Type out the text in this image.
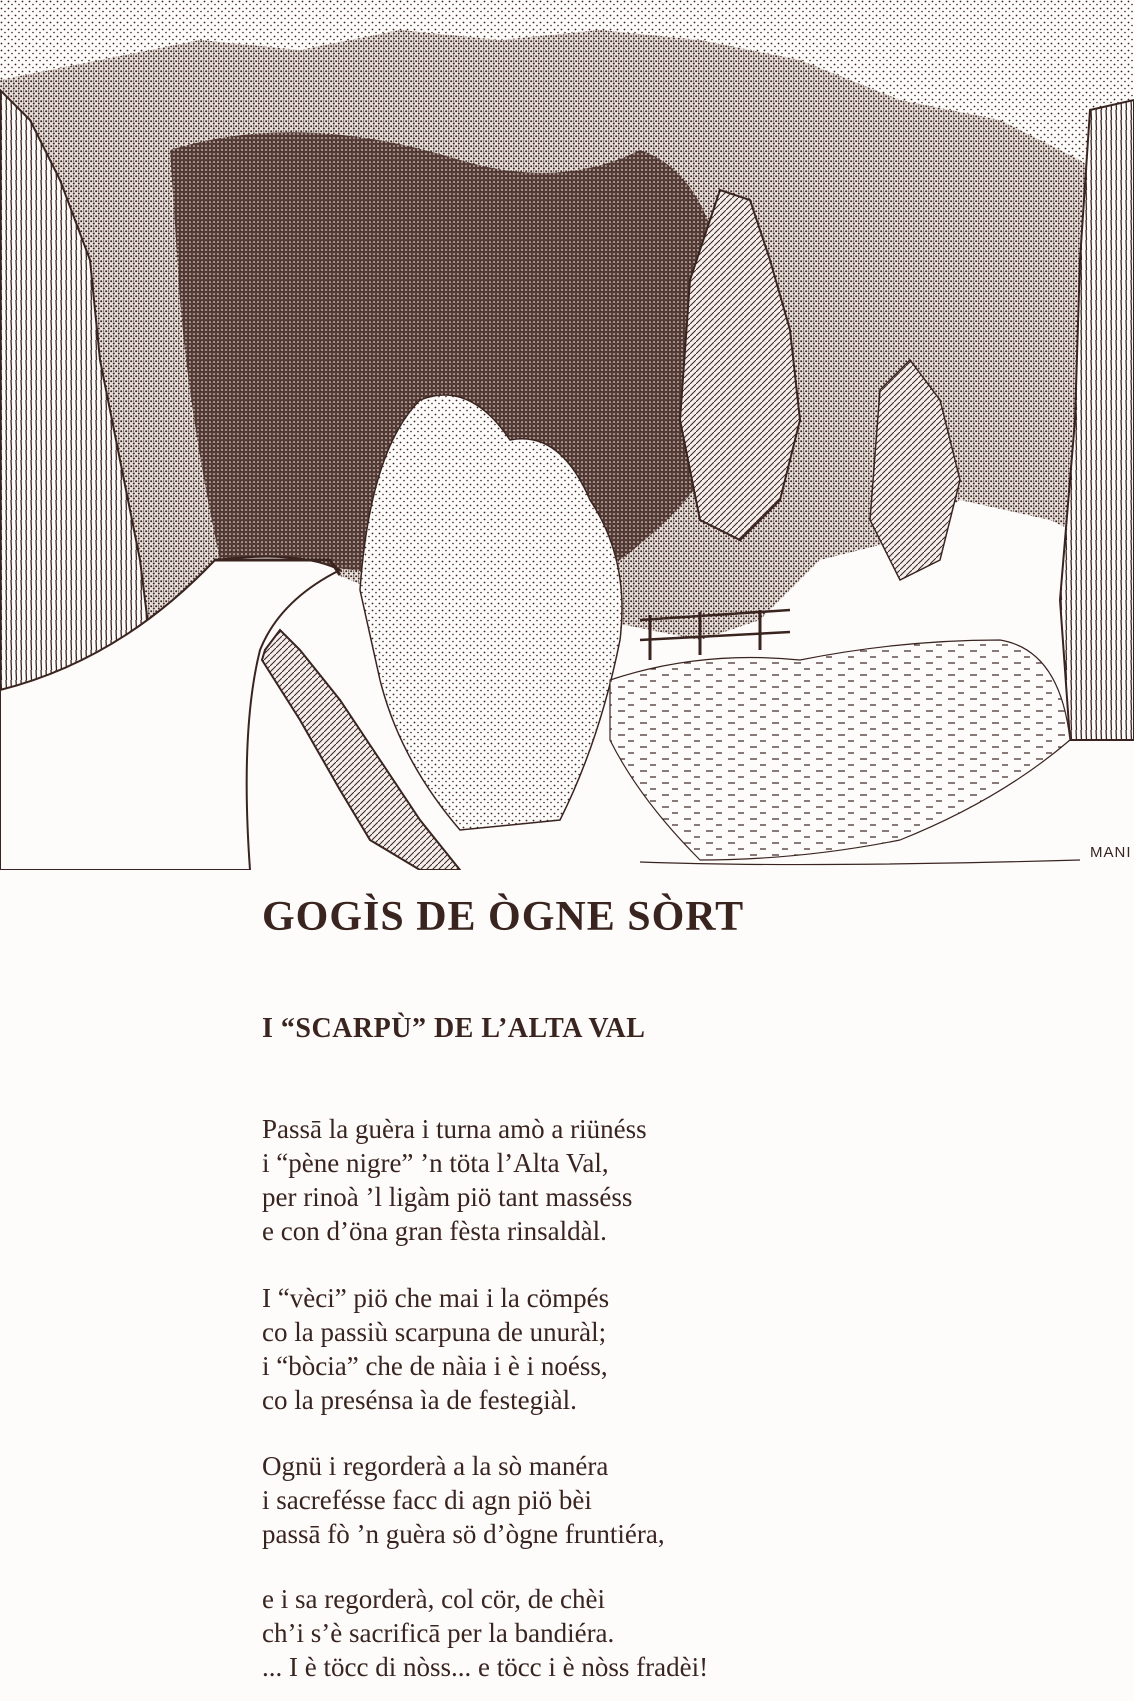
MANI
GOGÌS DE ÒGNE SÒRT
I “SCARPÙ” DE L’ALTA VAL
Passā la guèra i turna amò a riünéss
i “pène nigre” ’n töta l’Alta Val,
per rinoà ’l ligàm piö tant masséss
e con d’öna gran fèsta rinsaldàl.
I “vèci” piö che mai i la cömpés
co la passiù scarpuna de unuràl;
i “bòcia” che de nàia i è i noéss,
co la presénsa ìa de festegiàl.
Ognü i regorderà a la sò manéra
i sacrefésse facc di agn piö bèi
passā fò ’n guèra sö d’ògne fruntiéra,
e i sa regorderà, col cör, de chèi
ch’i s’è sacrificā per la bandiéra.
... I è töcc di nòss... e töcc i è nòss fradèi!
